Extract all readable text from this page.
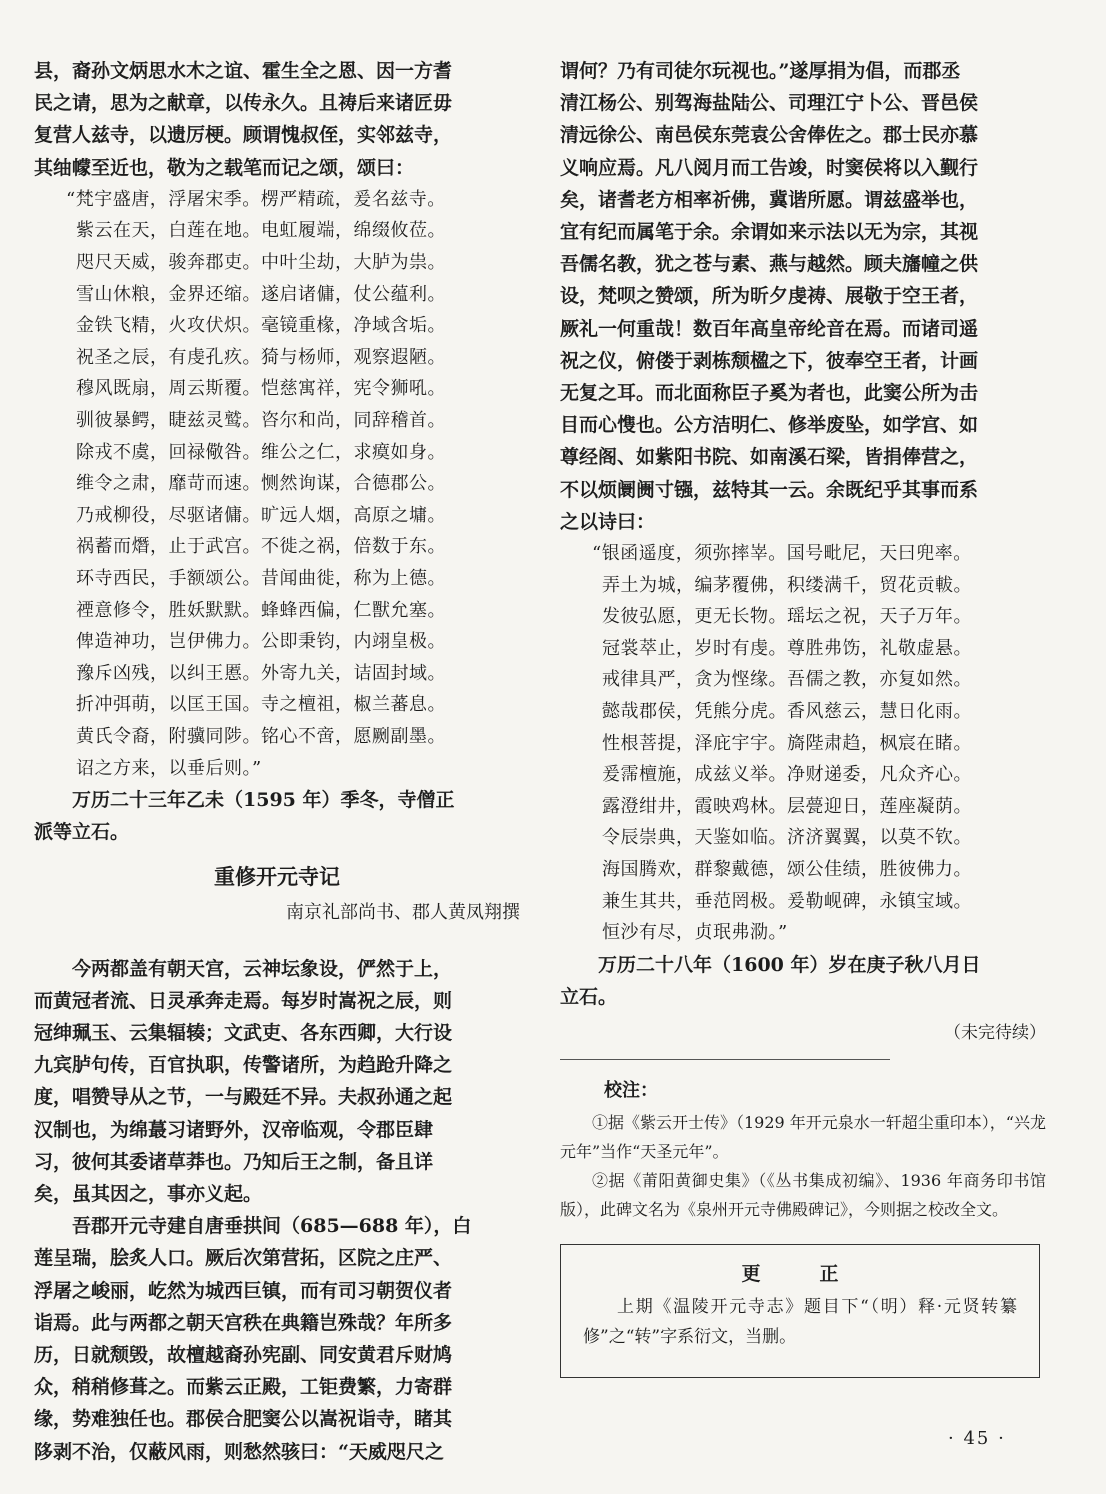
县，裔孙文炳思水木之谊、霍生全之恩、因一方耆

民之请，思为之献章，以传永久。且祷后来诸匠毋

复营人兹寺，以遗厉梗。顾谓愧叔侄，实邻兹寺，

其䌷幪至近也，敬为之载笔而记之颂，颂曰：

“梵宇盛唐，浮屠宋季。楞严精疏，爰名兹寺。
紫云在天，白莲在地。电虹履端，绵缀攸莅。
咫尺天威，骏奔郡吏。中叶尘劫，大胪为祟。
雪山休粮，金界还缩。遂启诸傭，仗公蕴利。
金铁飞精，火攻伏炽。毫镜重椽，净域含垢。
祝圣之辰，有虔孔疚。猗与杨师，观察遐陋。
穆风既扇，周云斯覆。恺慈寓祥，宪令狮吼。
驯彼暴鳄，睫兹灵鹫。咨尔和尚，同辞稽首。
除戎不虞，回禄儆咎。维公之仁，求瘼如身。
维令之肃，靡苛而速。恻然询谋，合德郡公。
乃戒柳役，尽驱诸傭。旷远人烟，高原之墉。
祸蓄而熸，止于武宫。不徙之祸，倍数于东。
环寺西民，手额颂公。昔闻曲徙，称为上德。
禋意修令，胜妖默默。蜂蜂西偏，仁獸允塞。
俾造神功，岂伊佛力。公即秉钧，内翊皇极。
豫斥凶残，以纠王慝。外寄九关，诘固封域。
折冲弭萌，以匡王国。寺之檀祖，椒兰蕃息。
黄氏令裔，附骥同陟。铭心不啻，愿劂副墨。
诏之方来，以垂后则。”

万历二十三年乙未（1595 年）季冬，寺僧正

派等立石。

重修开元寺记
南京礼部尚书、郡人黄凤翔撰

今两都盖有朝天宫，云神坛象设，俨然于上，

而黄冠者流、日灵承奔走焉。每岁时嵩祝之辰，则

冠绅珮玉、云集辐辏；文武吏、各东西卿，大行设

九宾胪句传，百官执职，传警诸所，为趋跄升降之

度，唱赞导从之节，一与殿廷不异。夫叔孙通之起

汉制也，为绵蕞习诸野外，汉帝临观，令郡臣肆

习，彼何其委诸草莽也。乃知后王之制，备且详

矣，虽其因之，事亦义起。

吾郡开元寺建自唐垂拱间（685—688 年），白

莲呈瑞，脍炙人口。厥后次第营拓，区院之庄严、

浮屠之峻丽，屹然为城西巨镇，而有司习朝贺仪者

诣焉。此与两都之朝天宫秩在典籍岂殊哉？年所多

历，日就颓毁，故檀越裔孙宪副、同安黄君斥财鸠

众，稍稍修葺之。而紫云正殿，工钜费繁，力寄群

缘，势难独任也。郡侯合肥窦公以嵩祝诣寺，睹其

陊剥不治，仅蔽风雨，则愁然骇曰：“天威咫尺之

谓何？乃有司徒尔玩视也。”遂厚捐为倡，而郡丞

清江杨公、别驾海盐陆公、司理江宁卜公、晋邑侯

清远徐公、南邑侯东莞袁公舍俸佐之。郡士民亦慕

义响应焉。凡八阅月而工告竣，时窦侯将以入觐行

矣，诸耆老方相率祈佛，冀谐所愿。谓兹盛举也，

宜有纪而属笔于余。余谓如来示法以无为宗，其视

吾儒名教，犹之苍与素、燕与越然。顾夫旛幢之供

设，梵呗之赞颂，所为昕夕虔祷、展敬于空王者，

厥礼一何重哉！数百年高皇帝纶音在焉。而诸司遥

祝之仪，俯偻于剥栋颓楹之下，彼奉空王者，计画

无复之耳。而北面称臣子奚为者也，此窦公所为击

目而心愯也。公方洁明仁、修举废坠，如学宫、如

尊经阁、如紫阳书院、如南溪石梁，皆捐俸营之，

不以烦阛阓寸镪，兹特其一云。余既纪乎其事而系

之以诗曰：

“银函遥度，须弥摔峷。国号毗尼，天曰兜率。
弄土为城，编茅覆佛，积缕满千，贸花贡軷。
发彼弘愿，更无长物。瑶坛之祝，天子万年。
冠裳萃止，岁时有虔。尊胜弗饬，礼敬虚悬。
戒律具严，贪为悭缘。吾儒之教，亦复如然。
懿哉郡侯，凭熊分虎。香风慈云，慧日化雨。
性根菩提，泽庇宇宇。旖陛肃趋，枫宸在睹。
爰霈檀施，成兹义举。净财递委，凡众齐心。
露澄绀井，霞映鸡林。层甍迎日，莲座凝荫。
令辰崇典，天鉴如临。济济翼翼，以莫不钦。
海国腾欢，群黎戴德，颂公佳绩，胜彼佛力。
兼生其共，垂范罔极。爰勒岘碑，永镇宝域。
恒沙有尽，贞珉弗泐。”

万历二十八年（1600 年）岁在庚子秋八月日

立石。

（未完待续）
校注：

①据《紫云开士传》（1929 年开元泉水一轩超尘重印本），“兴龙元年”当作“天圣元年”。

②据《莆阳黄御史集》（《丛书集成初编》、1936 年商务印书馆版），此碑文名为《泉州开元寺佛殿碑记》，今则据之校改全文。

更　正

上期《温陵开元寺志》题目下“（明）释·元贤转纂修”之“转”字系衍文，当删。

· 45 ·
